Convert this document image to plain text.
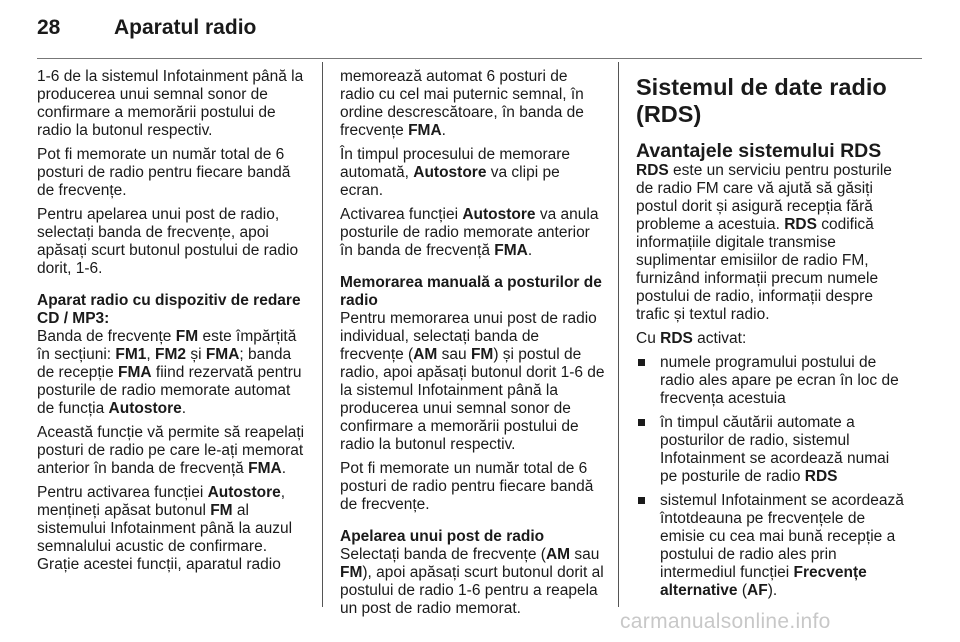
28	Aparatul radio

1-6 de la sistemul Infotainment până la producerea unui semnal sonor de confirmare a memorării postului de radio la butonul respectiv.

Pot fi memorate un număr total de 6 posturi de radio pentru fiecare bandă de frecvențe.

Pentru apelarea unui post de radio, selectați banda de frecvențe, apoi apăsați scurt butonul postului de radio dorit, 1-6.

Aparat radio cu dispozitiv de redare CD / MP3:

Banda de frecvențe FM este împărțită în secțiuni: FM1, FM2 și FMA; banda de recepție FMA fiind rezervată pentru posturile de radio memorate automat de funcția Autostore.

Această funcție vă permite să reapelați posturi de radio pe care le-ați memorat anterior în banda de frecvență FMA.

Pentru activarea funcției Autostore, mențineți apăsat butonul FM al sistemului Infotainment până la auzul semnalului acustic de confirmare. Grație acestei funcții, aparatul radio

memorează automat 6 posturi de radio cu cel mai puternic semnal, în ordine descrescătoare, în banda de frecvențe FMA.

În timpul procesului de memorare automată, Autostore va clipi pe ecran.

Activarea funcției Autostore va anula posturile de radio memorate anterior în banda de frecvență FMA.

Memorarea manuală a posturilor de radio

Pentru memorarea unui post de radio individual, selectați banda de frecvențe (AM sau FM) și postul de radio, apoi apăsați butonul dorit 1-6 de la sistemul Infotainment până la producerea unui semnal sonor de confirmare a memorării postului de radio la butonul respectiv.

Pot fi memorate un număr total de 6 posturi de radio pentru fiecare bandă de frecvențe.

Apelarea unui post de radio

Selectați banda de frecvențe (AM sau FM), apoi apăsați scurt butonul dorit al postului de radio 1-6 pentru a reapela un post de radio memorat.

Sistemul de date radio (RDS)
Avantajele sistemului RDS

RDS este un serviciu pentru posturile de radio FM care vă ajută să găsiți postul dorit și asigură recepția fără probleme a acestuia. RDS codifică informațiile digitale transmise suplimentar emisiilor de radio FM, furnizând informații precum numele postului de radio, informații despre trafic și textul radio.

Cu RDS activat:

numele programului postului de radio ales apare pe ecran în loc de frecvența acestuia
în timpul căutării automate a posturilor de radio, sistemul Infotainment se acordează numai pe posturile de radio RDS
sistemul Infotainment se acordează întotdeauna pe frecvențele de emisie cu cea mai bună recepție a postului de radio ales prin intermediul funcției Frecvențe alternative (AF).
carmanualsonline.info
